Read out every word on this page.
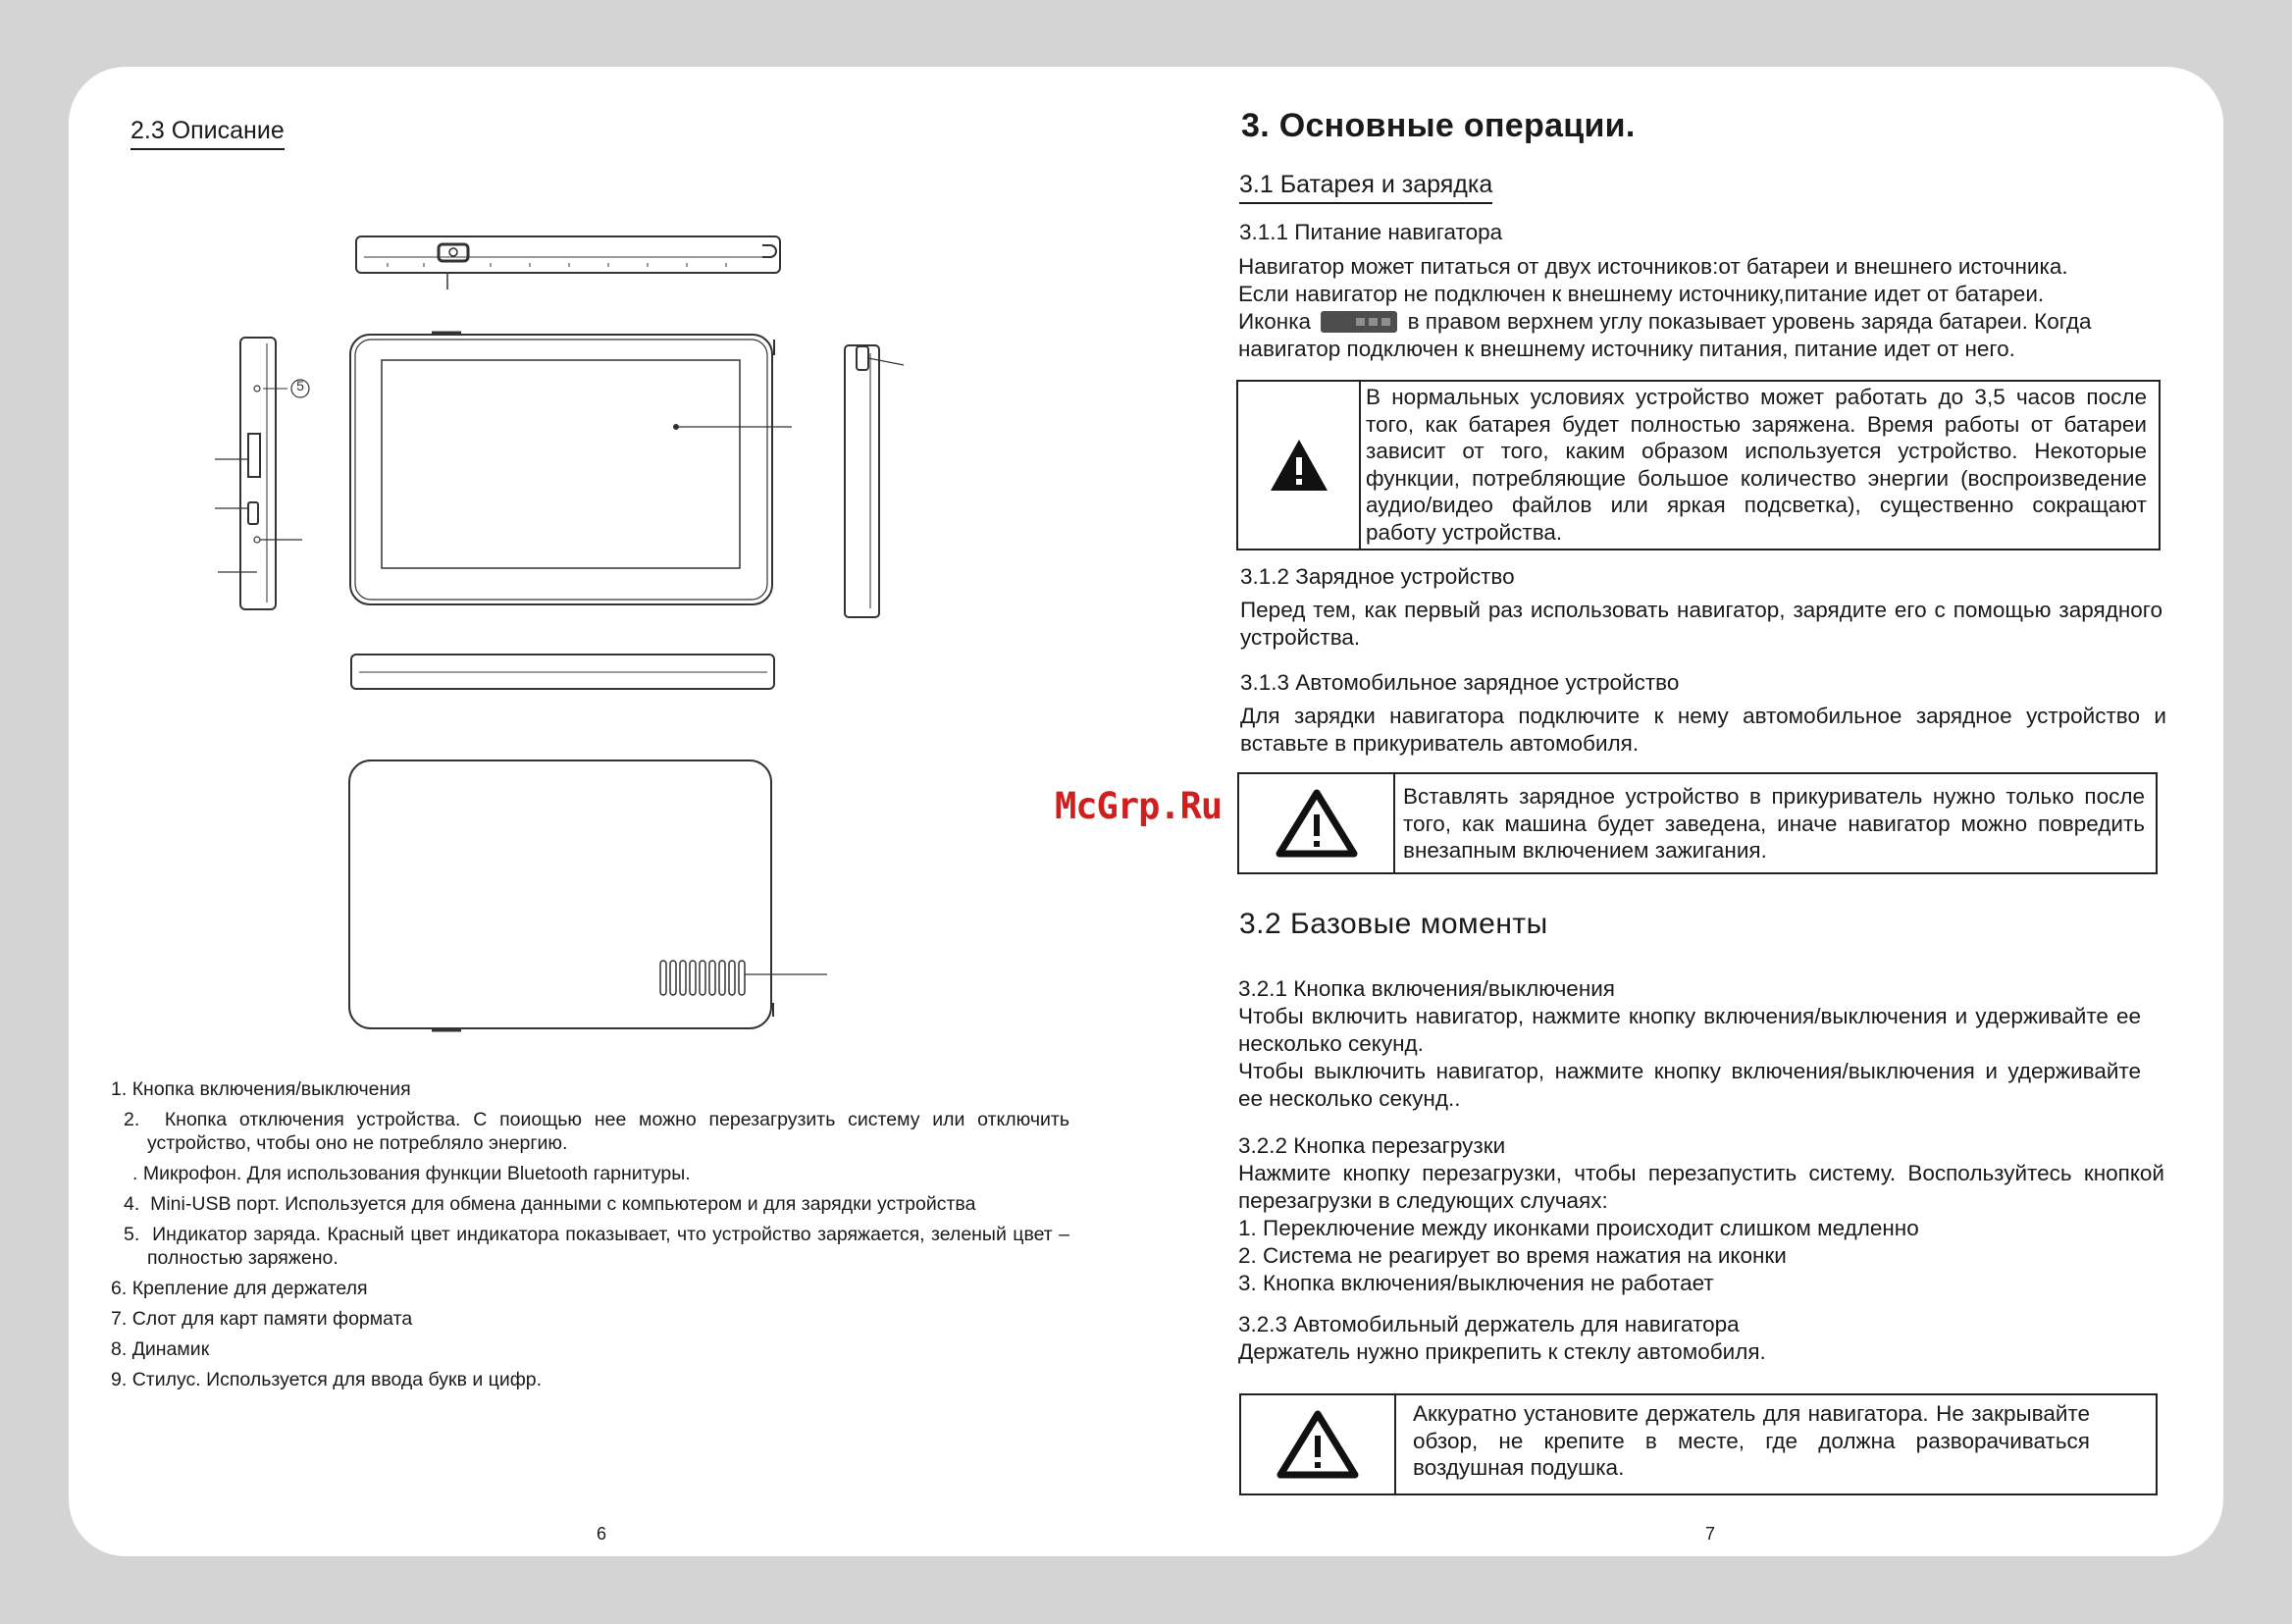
2.3 Описание
5
1. Кнопка включения/выключения
2. Кнопка отключения устройства. С поиощью нее можно перезагрузить систему или отключить устройство, чтобы оно не потребляло энергию.
. Микрофон. Для использования функции Bluetooth гарнитуры.
4. Mini-USB порт. Используется для обмена данными с компьютером и для зарядки устройства
5. Индикатор заряда. Красный цвет индикатора показывает, что устройство заряжается, зеленый цвет – полностью заряжено.
6. Крепление для держателя
7. Слот для карт памяти формата
8. Динамик
9. Стилус. Используется для ввода букв и цифр.
6
3. Основные операции.
3.1 Батарея и зарядка
3.1.1 Питание навигатора
Навигатор может питаться от двух источников:от батареи и внешнего источника.
Если навигатор не подключен к внешнему источнику,питание идет от батареи.
Иконка	в правом верхнем углу показывает уровень заряда батареи. Когда
навигатор подключен к внешнему источнику питания, питание идет от него.
В нормальных условиях устройство может работать до 3,5 часов после того, как батарея будет полностью заряжена. Время работы от батареи зависит от того, каким образом используется устройство. Некоторые функции, потребляющие большое количество энергии (воспроизведение аудио/видео файлов или яркая подсветка), существенно сокращают работу устройства.
3.1.2 Зарядное устройство
Перед тем, как первый раз использовать навигатор, зарядите его с помощью зарядного устройства.
3.1.3 Автомобильное зарядное устройство
Для зарядки навигатора подключите к нему автомобильное зарядное устройство и вставьте в прикуриватель автомобиля.
Вставлять зарядное устройство в прикуриватель нужно только после того, как машина будет заведена, иначе навигатор можно повредить внезапным включением зажигания.
McGrp.Ru
3.2 Базовые моменты
3.2.1 Кнопка включения/выключения
Чтобы включить навигатор, нажмите кнопку включения/выключения и удерживайте ее несколько секунд.
Чтобы выключить навигатор, нажмите кнопку включения/выключения и удерживайте ее несколько секунд..
3.2.2 Кнопка перезагрузки
Нажмите кнопку перезагрузки, чтобы перезапустить систему. Воспользуйтесь кнопкой перезагрузки в следующих случаях:
1. Переключение между иконками происходит слишком медленно
2. Система не реагирует во время нажатия на иконки
3. Кнопка включения/выключения не работает
3.2.3 Автомобильный держатель для навигатора
Держатель нужно прикрепить к стеклу автомобиля.
Аккуратно установите держатель для навигатора. Не закрывайте обзор, не крепите в месте, где должна разворачиваться воздушная подушка.
7
